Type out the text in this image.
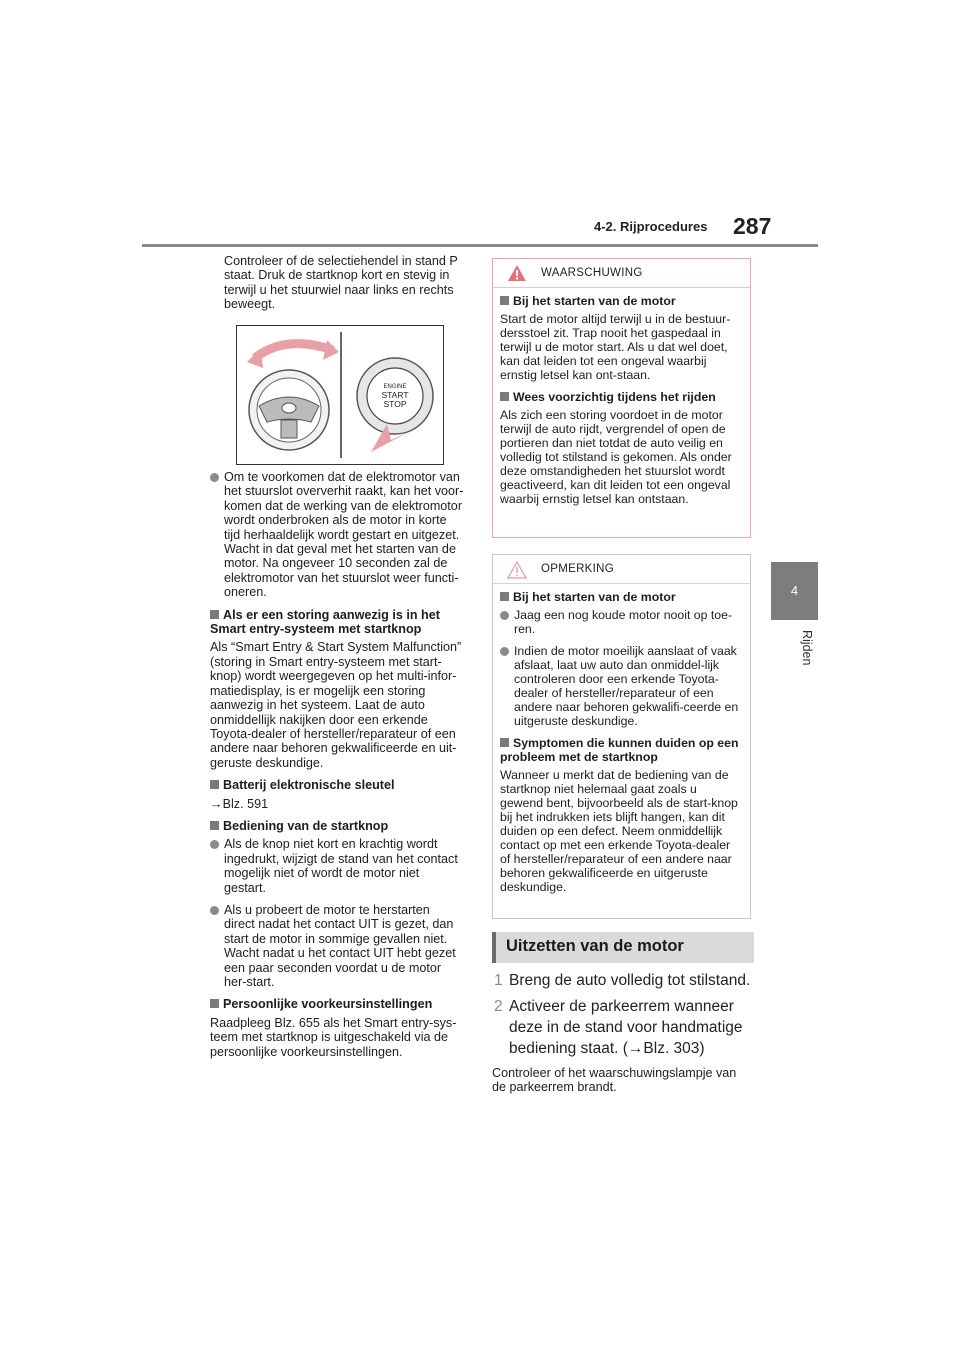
4-2. Rijprocedures 287
4
Rijden
Controleer of de selectiehendel in stand P staat. Druk de startknop kort en stevig in terwijl u het stuurwiel naar links en rechts beweegt.
ENGINE
START
STOP

Om te voorkomen dat de elektromotor van het stuurslot oververhit raakt, kan het voor-komen dat de werking van de elektromotor wordt onderbroken als de motor in korte tijd herhaaldelijk wordt gestart en uitgezet. Wacht in dat geval met het starten van de motor. Na ongeveer 10 seconden zal de elektromotor van het stuurslot weer functi-oneren.

Als er een storing aanwezig is in het Smart entry-systeem met startknop

Als “Smart Entry & Start System Malfunction” (storing in Smart entry-systeem met start-knop) wordt weergegeven op het multi-infor-matiedisplay, is er mogelijk een storing aanwezig in het systeem. Laat de auto onmiddellijk nakijken door een erkende Toyota-dealer of hersteller/reparateur of een andere naar behoren gekwalificeerde en uit-geruste deskundige.

Batterij elektronische sleutel

→Blz. 591

Bediening van de startknop

Als de knop niet kort en krachtig wordt ingedrukt, wijzigt de stand van het contact mogelijk niet of wordt de motor niet gestart.

Als u probeert de motor te herstarten direct nadat het contact UIT is gezet, dan start de motor in sommige gevallen niet. Wacht nadat u het contact UIT hebt gezet een paar seconden voordat u de motor her-start.

Persoonlijke voorkeursinstellingen

Raadpleeg Blz. 655 als het Smart entry-sys-teem met startknop is uitgeschakeld via de persoonlijke voorkeursinstellingen.

WAARSCHUWING

Bij het starten van de motor

Start de motor altijd terwijl u in de bestuur-dersstoel zit. Trap nooit het gaspedaal in terwijl u de motor start. Als u dat wel doet, kan dat leiden tot een ongeval waarbij ernstig letsel kan ont-staan.

Wees voorzichtig tijdens het rijden

Als zich een storing voordoet in de motor terwijl de auto rijdt, vergrendel of open de portieren dan niet totdat de auto veilig en volledig tot stilstand is gekomen. Als onder deze omstandigheden het stuurslot wordt geactiveerd, kan dit leiden tot een ongeval waarbij ernstig letsel kan ontstaan.

OPMERKING

Bij het starten van de motor

Jaag een nog koude motor nooit op toe-ren.

Indien de motor moeilijk aanslaat of vaak afslaat, laat uw auto dan onmiddel-lijk controleren door een erkende Toyota-dealer of hersteller/reparateur of een andere naar behoren gekwalifi-ceerde en uitgeruste deskundige.

Symptomen die kunnen duiden op een probleem met de startknop

Wanneer u merkt dat de bediening van de startknop niet helemaal gaat zoals u gewend bent, bijvoorbeeld als de start-knop bij het indrukken iets blijft hangen, kan dit duiden op een defect. Neem onmiddellijk contact op met een erkende Toyota-dealer of hersteller/reparateur of een andere naar behoren gekwalificeerde en uitgeruste deskundige.

Uitzetten van de motor
1 Breng de auto volledig tot stilstand.
2 Activeer de parkeerrem wanneer deze in de stand voor handmatige bediening staat. (→Blz. 303)
Controleer of het waarschuwingslampje van de parkeerrem brandt.
